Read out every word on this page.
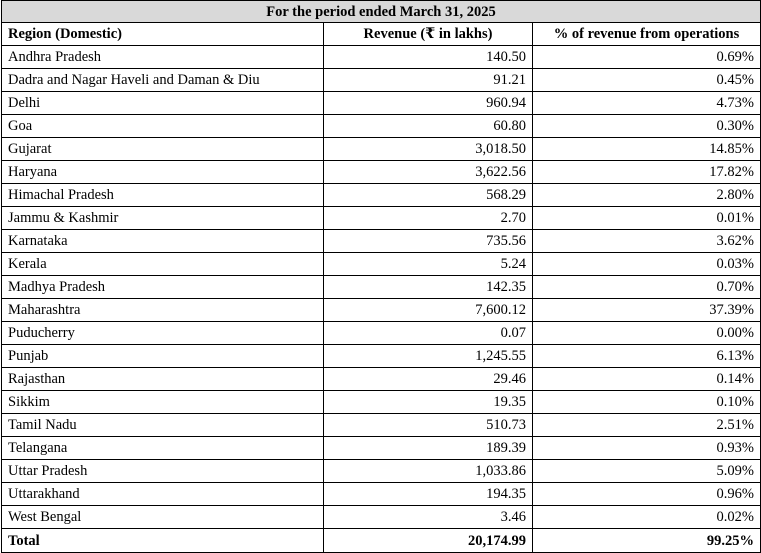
For the period ended March 31, 2025		
Region (Domestic)	Revenue (₹ in lakhs)	% of revenue from operations
Andhra Pradesh	140.50	0.69%
Dadra and Nagar Haveli and Daman & Diu	91.21	0.45%
Delhi	960.94	4.73%
Goa	60.80	0.30%
Gujarat	3,018.50	14.85%
Haryana	3,622.56	17.82%
Himachal Pradesh	568.29	2.80%
Jammu & Kashmir	2.70	0.01%
Karnataka	735.56	3.62%
Kerala	5.24	0.03%
Madhya Pradesh	142.35	0.70%
Maharashtra	7,600.12	37.39%
Puducherry	0.07	0.00%
Punjab	1,245.55	6.13%
Rajasthan	29.46	0.14%
Sikkim	19.35	0.10%
Tamil Nadu	510.73	2.51%
Telangana	189.39	0.93%
Uttar Pradesh	1,033.86	5.09%
Uttarakhand	194.35	0.96%
West Bengal	3.46	0.02%
Total	20,174.99	99.25%
